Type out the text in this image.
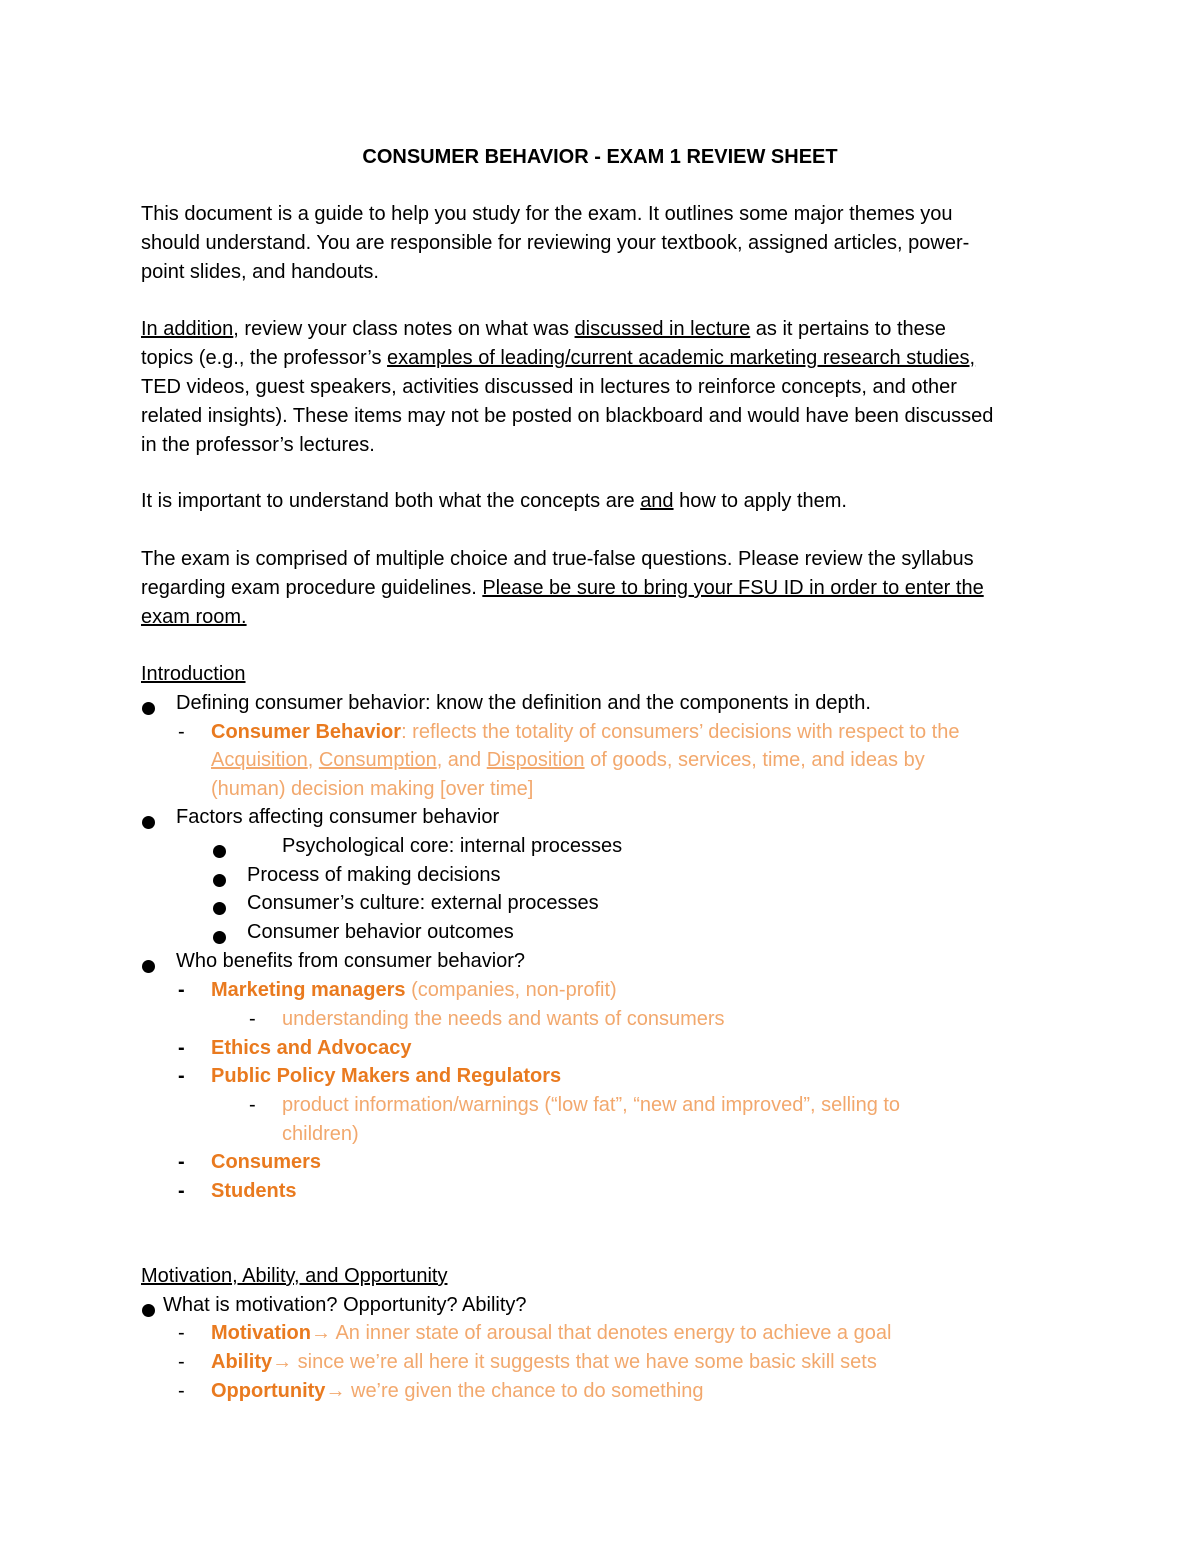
CONSUMER BEHAVIOR - EXAM 1 REVIEW SHEET
This document is a guide to help you study for the exam. It outlines some major themes you
should understand. You are responsible for reviewing your textbook, assigned articles, power-
point slides, and handouts.
In addition, review your class notes on what was discussed in lecture as it pertains to these
topics (e.g., the professor’s examples of leading/current academic marketing research studies,
TED videos, guest speakers, activities discussed in lectures to reinforce concepts, and other
related insights). These items may not be posted on blackboard and would have been discussed
in the professor’s lectures.
It is important to understand both what the concepts are and how to apply them.
The exam is comprised of multiple choice and true-false questions. Please review the syllabus
regarding exam procedure guidelines. Please be sure to bring your FSU ID in order to enter the
exam room.
Introduction
Defining consumer behavior: know the definition and the components in depth.
- Consumer Behavior: reflects the totality of consumers’ decisions with respect to the
Acquisition, Consumption, and Disposition of goods, services, time, and ideas by
(human) decision making [over time]
Factors affecting consumer behavior
Psychological core: internal processes
Process of making decisions
Consumer’s culture: external processes
Consumer behavior outcomes
Who benefits from consumer behavior?
- Marketing managers (companies, non-profit)
- understanding the needs and wants of consumers
- Ethics and Advocacy
- Public Policy Makers and Regulators
- product information/warnings (“low fat”, “new and improved”, selling to
children)
- Consumers
- Students
Motivation, Ability, and Opportunity
What is motivation? Opportunity? Ability?
- Motivation→ An inner state of arousal that denotes energy to achieve a goal
- Ability→ since we’re all here it suggests that we have some basic skill sets
- Opportunity→ we’re given the chance to do something
